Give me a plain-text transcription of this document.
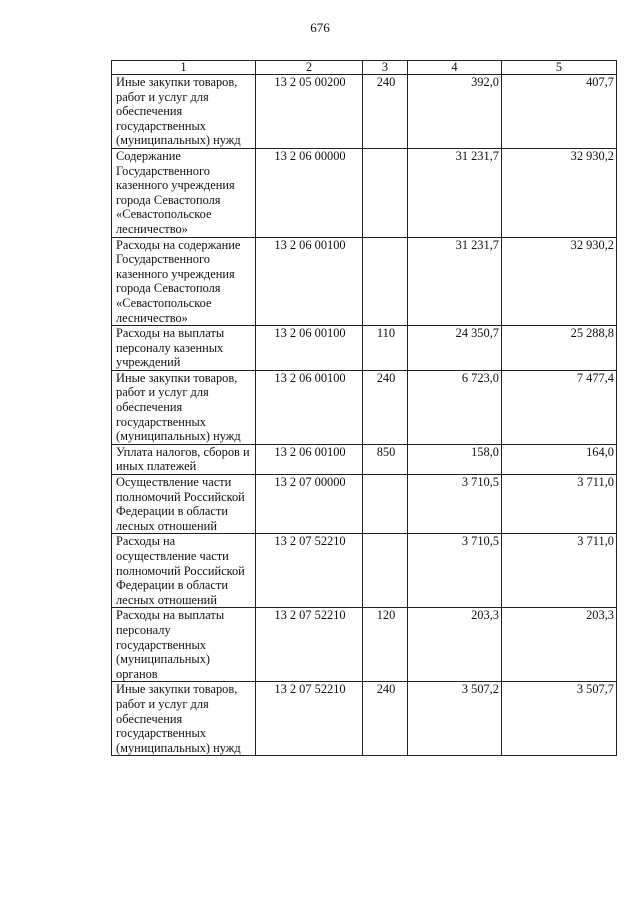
676
1	2	3	4	5
Иные закупки товаров, работ и услуг для обеспечения государственных (муниципальных) нужд	13 2 05 00200	240	392,0	407,7
Содержание Государственного казенного учреждения города Севастополя «Севастопольское лесничество»	13 2 06 00000		31 231,7	32 930,2
Расходы на содержание Государственного казенного учреждения города Севастополя «Севастопольское лесничество»	13 2 06 00100		31 231,7	32 930,2
Расходы на выплаты персоналу казенных учреждений	13 2 06 00100	110	24 350,7	25 288,8
Иные закупки товаров, работ и услуг для обеспечения государственных (муниципальных) нужд	13 2 06 00100	240	6 723,0	7 477,4
Уплата налогов, сборов и иных платежей	13 2 06 00100	850	158,0	164,0
Осуществление части полномочий Российской Федерации в области лесных отношений	13 2 07 00000		3 710,5	3 711,0
Расходы на осуществление части полномочий Российской Федерации в области лесных отношений	13 2 07 52210		3 710,5	3 711,0
Расходы на выплаты персоналу государственных (муниципальных) органов	13 2 07 52210	120	203,3	203,3
Иные закупки товаров, работ и услуг для обеспечения государственных (муниципальных) нужд	13 2 07 52210	240	3 507,2	3 507,7
